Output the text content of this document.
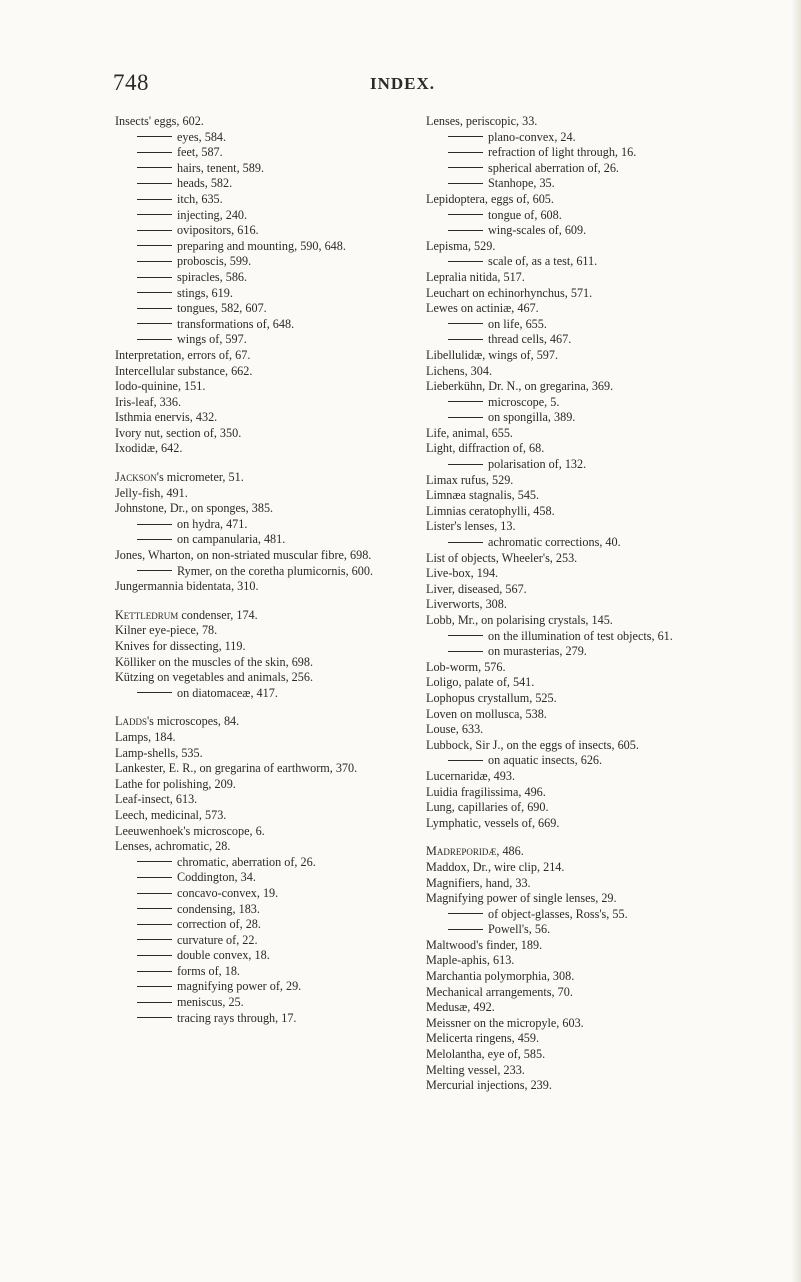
748	INDEX.
Insects' eggs, 602.
eyes, 584.
feet, 587.
hairs, tenent, 589.
heads, 582.
itch, 635.
injecting, 240.
ovipositors, 616.
preparing and mounting, 590, 648.
proboscis, 599.
spiracles, 586.
stings, 619.
tongues, 582, 607.
transformations of, 648.
wings of, 597.
Interpretation, errors of, 67.
Intercellular substance, 662.
Iodo-quinine, 151.
Iris-leaf, 336.
Isthmia enervis, 432.
Ivory nut, section of, 350.
Ixodidæ, 642.
Jackson's micrometer, 51.
Jelly-fish, 491.
Johnstone, Dr., on sponges, 385.
on hydra, 471.
on campanularia, 481.
Jones, Wharton, on non-striated muscular fibre, 698.
Rymer, on the coretha plumicornis, 600.
Jungermannia bidentata, 310.
Kettledrum condenser, 174.
Kilner eye-piece, 78.
Knives for dissecting, 119.
Kölliker on the muscles of the skin, 698.
Kützing on vegetables and animals, 256.
on diatomaceæ, 417.
Ladds's microscopes, 84.
Lamps, 184.
Lamp-shells, 535.
Lankester, E. R., on gregarina of earthworm, 370.
Lathe for polishing, 209.
Leaf-insect, 613.
Leech, medicinal, 573.
Leeuwenhoek's microscope, 6.
Lenses, achromatic, 28.
chromatic, aberration of, 26.
Coddington, 34.
concavo-convex, 19.
condensing, 183.
correction of, 28.
curvature of, 22.
double convex, 18.
forms of, 18.
magnifying power of, 29.
meniscus, 25.
tracing rays through, 17.
Lenses, periscopic, 33.
plano-convex, 24.
refraction of light through, 16.
spherical aberration of, 26.
Stanhope, 35.
Lepidoptera, eggs of, 605.
tongue of, 608.
wing-scales of, 609.
Lepisma, 529.
scale of, as a test, 611.
Lepralia nitida, 517.
Leuchart on echinorhynchus, 571.
Lewes on actiniæ, 467.
on life, 655.
thread cells, 467.
Libellulidæ, wings of, 597.
Lichens, 304.
Lieberkühn, Dr. N., on gregarina, 369.
microscope, 5.
on spongilla, 389.
Life, animal, 655.
Light, diffraction of, 68.
polarisation of, 132.
Limax rufus, 529.
Limnæa stagnalis, 545.
Limnias ceratophylli, 458.
Lister's lenses, 13.
achromatic corrections, 40.
List of objects, Wheeler's, 253.
Live-box, 194.
Liver, diseased, 567.
Liverworts, 308.
Lobb, Mr., on polarising crystals, 145.
on the illumination of test objects, 61.
on murasterias, 279.
Lob-worm, 576.
Loligo, palate of, 541.
Lophopus crystallum, 525.
Loven on mollusca, 538.
Louse, 633.
Lubbock, Sir J., on the eggs of insects, 605.
on aquatic insects, 626.
Lucernaridæ, 493.
Luidia fragilissima, 496.
Lung, capillaries of, 690.
Lymphatic, vessels of, 669.
Madreporidæ, 486.
Maddox, Dr., wire clip, 214.
Magnifiers, hand, 33.
Magnifying power of single lenses, 29.
of object-glasses, Ross's, 55.
Powell's, 56.
Maltwood's finder, 189.
Maple-aphis, 613.
Marchantia polymorphia, 308.
Mechanical arrangements, 70.
Medusæ, 492.
Meissner on the micropyle, 603.
Melicerta ringens, 459.
Melolantha, eye of, 585.
Melting vessel, 233.
Mercurial injections, 239.
